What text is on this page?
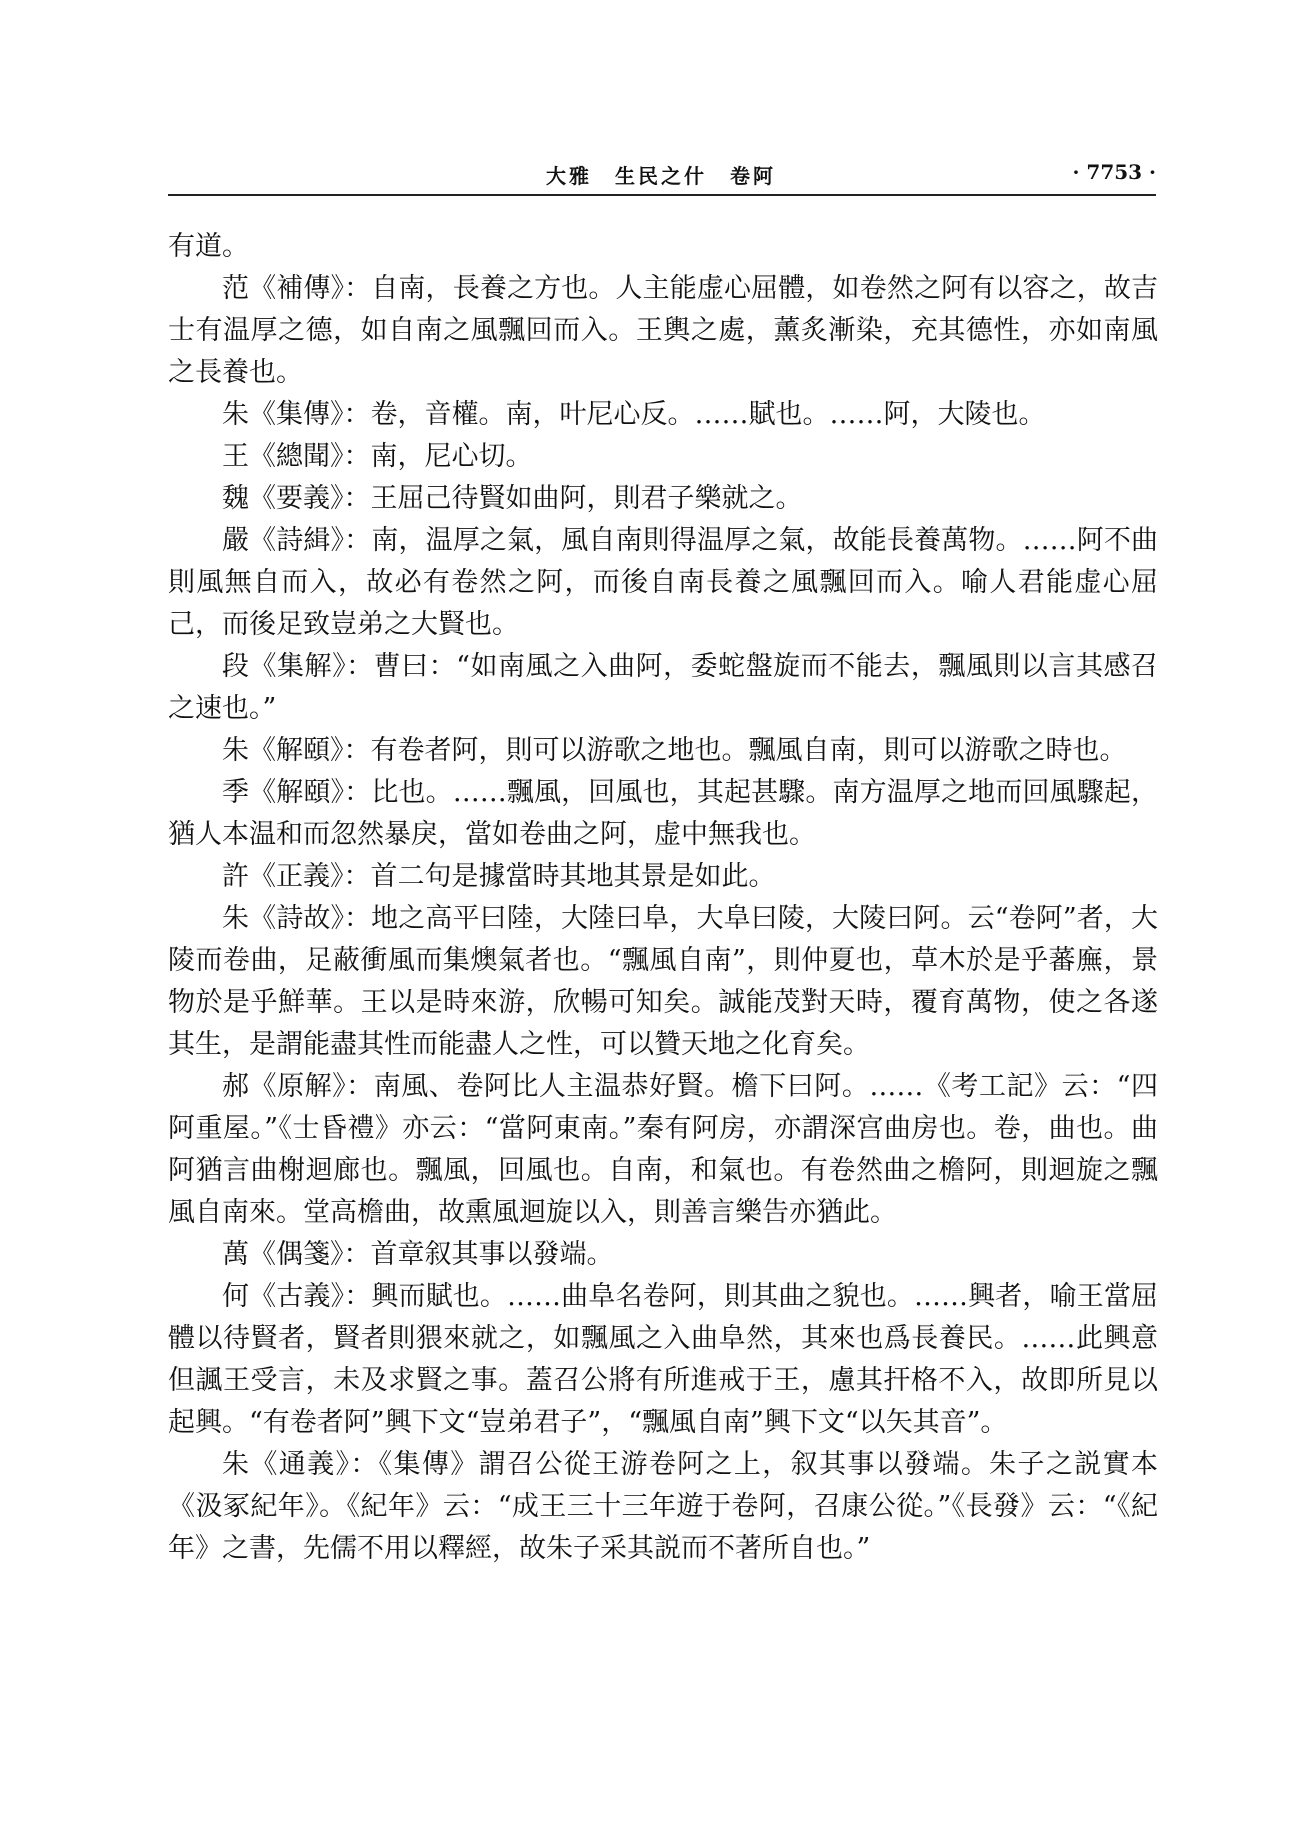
大雅　生民之什　卷阿	· 7753 ·

有道。

范《補傳》：自南，長養之方也。人主能虚心屈體，如卷然之阿有以容之，故吉士有温厚之德，如自南之風飄回而入。王輿之處，薰炙漸染，充其德性，亦如南風之長養也。

朱《集傳》：卷，音權。南，叶尼心反。……賦也。……阿，大陵也。

王《總聞》：南，尼心切。

魏《要義》：王屈己待賢如曲阿，則君子樂就之。

嚴《詩緝》：南，温厚之氣，風自南則得温厚之氣，故能長養萬物。……阿不曲則風無自而入，故必有卷然之阿，而後自南長養之風飄回而入。喻人君能虚心屈己，而後足致豈弟之大賢也。

段《集解》：曹曰：“如南風之入曲阿，委蛇盤旋而不能去，飄風則以言其感召之速也。”

朱《解頤》：有卷者阿，則可以游歌之地也。飄風自南，則可以游歌之時也。

季《解頤》：比也。……飄風，回風也，其起甚驟。南方温厚之地而回風驟起，猶人本温和而忽然暴戾，當如卷曲之阿，虚中無我也。

許《正義》：首二句是據當時其地其景是如此。

朱《詩故》：地之高平曰陸，大陸曰阜，大阜曰陵，大陵曰阿。云“卷阿”者，大陵而卷曲，足蔽衝風而集燠氣者也。“飄風自南”，則仲夏也，草木於是乎蕃廡，景物於是乎鮮華。王以是時來游，欣暢可知矣。誠能茂對天時，覆育萬物，使之各遂其生，是謂能盡其性而能盡人之性，可以贊天地之化育矣。

郝《原解》：南風、卷阿比人主温恭好賢。檐下曰阿。……《考工記》云：“四阿重屋。”《士昏禮》亦云：“當阿東南。”秦有阿房，亦謂深宫曲房也。卷，曲也。曲阿猶言曲榭迴廊也。飄風，回風也。自南，和氣也。有卷然曲之檐阿，則迴旋之飄風自南來。堂高檐曲，故熏風迴旋以入，則善言樂告亦猶此。

萬《偶箋》：首章叙其事以發端。

何《古義》：興而賦也。……曲阜名卷阿，則其曲之貌也。……興者，喻王當屈體以待賢者，賢者則猥來就之，如飄風之入曲阜然，其來也爲長養民。……此興意但諷王受言，未及求賢之事。蓋召公將有所進戒于王，慮其扞格不入，故即所見以起興。“有卷者阿”興下文“豈弟君子”，“飄風自南”興下文“以矢其音”。

朱《通義》：《集傳》謂召公從王游卷阿之上，叙其事以發端。朱子之説實本《汲冢紀年》。《紀年》云：“成王三十三年遊于卷阿，召康公從。”《長發》云：“《紀年》之書，先儒不用以釋經，故朱子采其説而不著所自也。”
